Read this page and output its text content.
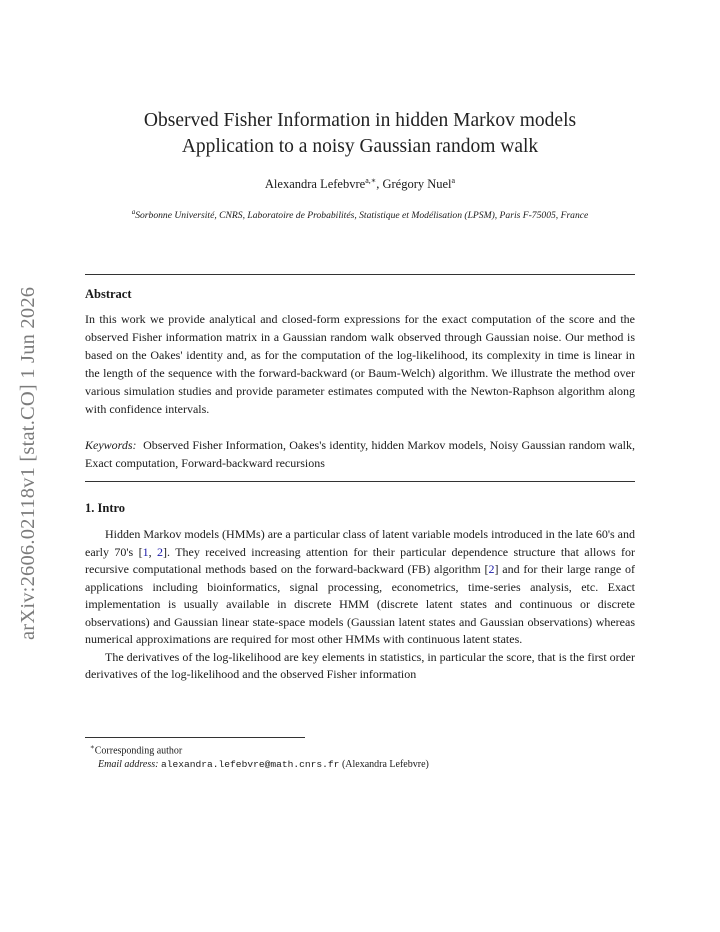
arXiv:2606.02118v1 [stat.CO] 1 Jun 2026
Observed Fisher Information in hidden Markov models
Application to a noisy Gaussian random walk
Alexandra Lefebvre$^{a,∗}$, Grégory Nuel$^a$
$^a$Sorbonne Université, CNRS, Laboratoire de Probabilités, Statistique et Modélisation (LPSM), Paris F-75005, France
Abstract
In this work we provide analytical and closed-form expressions for the exact computation of the score and the observed Fisher information matrix in a Gaussian random walk observed through Gaussian noise. Our method is based on the Oakes' identity and, as for the computation of the log-likelihood, its complexity in time is linear in the length of the sequence with the forward-backward (or Baum-Welch) algorithm. We illustrate the method over various simulation studies and provide parameter estimates computed with the Newton-Raphson algorithm along with confidence intervals.
Keywords: Observed Fisher Information, Oakes's identity, hidden Markov models, Noisy Gaussian random walk, Exact computation, Forward-backward recursions
1. Intro

Hidden Markov models (HMMs) are a particular class of latent variable models introduced in the late 60's and early 70's [1, 2]. They received increasing attention for their particular dependence structure that allows for recursive computational methods based on the forward-backward (FB) algorithm [2] and for their large range of applications including bioinformatics, signal processing, econometrics, time-series analysis, etc. Exact implementation is usually available in discrete HMM (discrete latent states and continuous or discrete observations) and Gaussian linear state-space models (Gaussian latent states and Gaussian observations) whereas numerical approximations are required for most other HMMs with continuous latent states.

The derivatives of the log-likelihood are key elements in statistics, in particular the score, that is the first order derivatives of the log-likelihood and the observed Fisher information

∗Corresponding author
Email address: alexandra.lefebvre@math.cnrs.fr (Alexandra Lefebvre)
